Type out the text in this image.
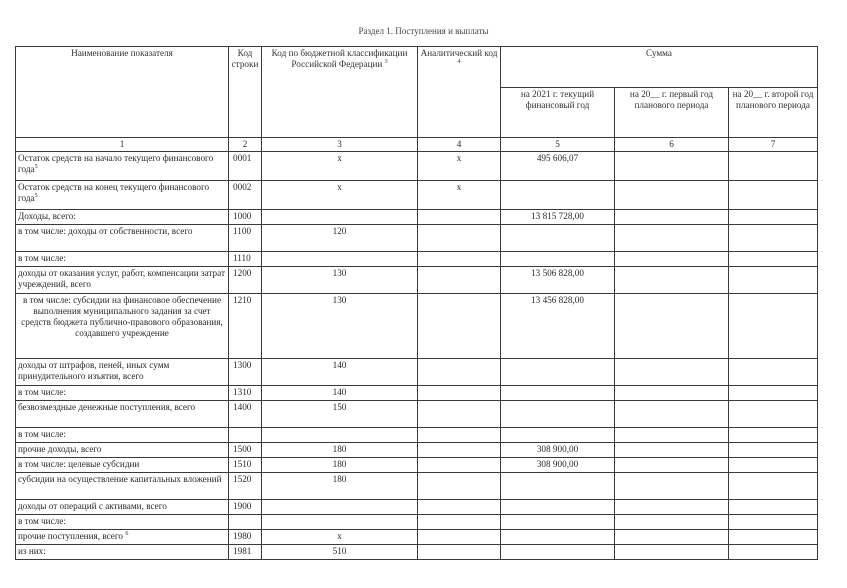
Раздел 1. Поступления и выплаты
Наименование показателя	Код строки	Код по бюджетной классификации Российской Федерации $^3$	Аналитический код $^4$	Сумма		
				на 2021 г. текущий финансовый год	на 20__ г. первый год планового периода	на 20__ г. второй год планового периода
1	2	3	4	5	6	7
Остаток средств на начало текущего финансового года$^5$	0001	х	х	495 606,07		
Остаток средств на конец текущего финансового года$^5$	0002	х	х			
Доходы, всего:	1000			13 815 728,00		
в том числе: доходы от собственности, всего	1100	120				
в том числе:	1110					
доходы от оказания услуг, работ, компенсации затрат учреждений, всего	1200	130		13 506 828,00		
в том числе: субсидии на финансовое обеспечение выполнения муниципального задания за счет средств бюджета публично-правового образования, создавшего учреждение	1210	130		13 456 828,00		
доходы от штрафов, пеней, иных сумм принудительного изъятия, всего	1300	140				
в том числе:	1310	140				
безвозмездные денежные поступления, всего	1400	150				
в том числе:						
прочие доходы, всего	1500	180		308 900,00		
в том числе: целевые субсидии	1510	180		308 900,00		
субсидии на осуществление капитальных вложений	1520	180				
доходы от операций с активами, всего	1900					
в том числе:						
прочие поступления, всего $^6$	1980	х				
из них:	1981	510				
